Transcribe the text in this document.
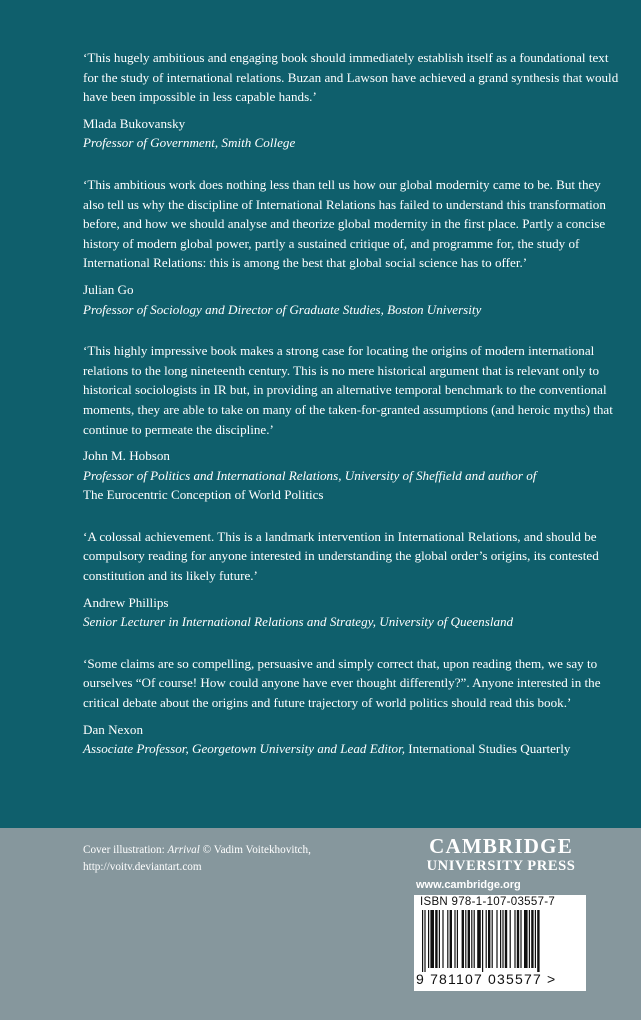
‘This hugely ambitious and engaging book should immediately establish itself as a foundational text for the study of international relations. Buzan and Lawson have achieved a grand synthesis that would have been impossible in less capable hands.’

Mlada Bukovansky

Professor of Government, Smith College

‘This ambitious work does nothing less than tell us how our global modernity came to be. But they also tell us why the discipline of International Relations has failed to understand this transformation before, and how we should analyse and theorize global modernity in the first place. Partly a concise history of modern global power, partly a sustained critique of, and programme for, the study of International Relations: this is among the best that global social science has to offer.’

Julian Go

Professor of Sociology and Director of Graduate Studies, Boston University

‘This highly impressive book makes a strong case for locating the origins of modern international relations to the long nineteenth century. This is no mere historical argument that is relevant only to historical sociologists in IR but, in providing an alternative temporal benchmark to the conventional moments, they are able to take on many of the taken-for-granted assumptions (and heroic myths) that continue to permeate the discipline.’

John M. Hobson

Professor of Politics and International Relations, University of Sheffield and author of
The Eurocentric Conception of World Politics

‘A colossal achievement. This is a landmark intervention in International Relations, and should be compulsory reading for anyone interested in understanding the global order’s origins, its contested constitution and its likely future.’

Andrew Phillips

Senior Lecturer in International Relations and Strategy, University of Queensland

‘Some claims are so compelling, persuasive and simply correct that, upon reading them, we say to ourselves “Of course! How could anyone have ever thought differently?”. Anyone interested in the critical debate about the origins and future trajectory of world politics should read this book.’

Dan Nexon

Associate Professor, Georgetown University and Lead Editor, International Studies Quarterly

Cover illustration: Arrival © Vadim Voitekhovitch,
http://voitv.deviantart.com
CAMBRIDGE
UNIVERSITY PRESS
www.cambridge.org
ISBN 978-1-107-03557-7
9 781107 035577 >
